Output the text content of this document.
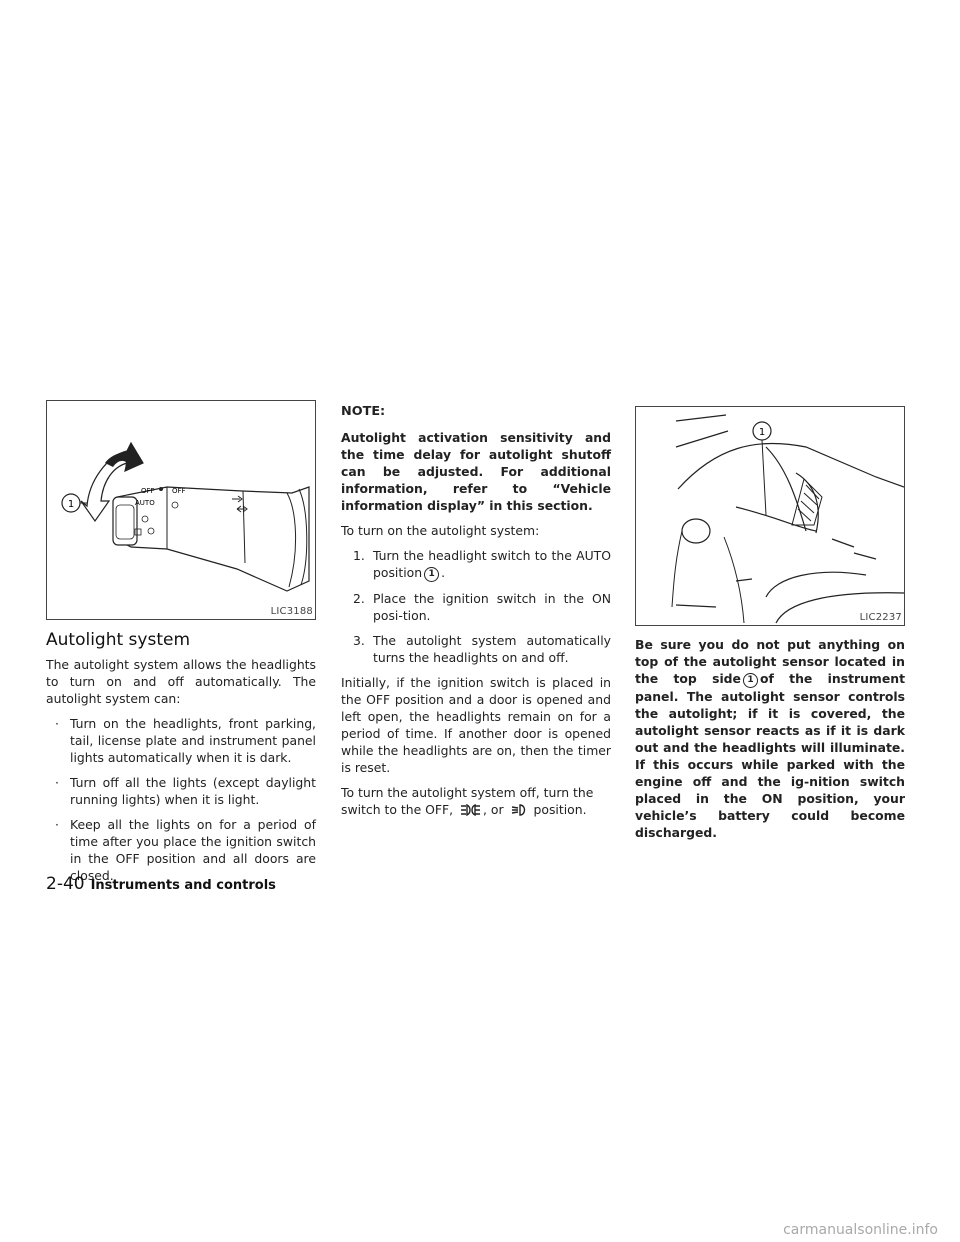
1
OFF OFF
AUTO
LIC3188
Autolight system

The autolight system allows the headlights to turn on and off automatically. The autolight system can:

· Turn on the headlights, front parking, tail, license plate and instrument panel lights automatically when it is dark.
· Turn off all the lights (except daylight running lights) when it is light.
· Keep all the lights on for a period of time after you place the ignition switch in the OFF position and all doors are closed.
NOTE:

Autolight activation sensitivity and the time delay for autolight shutoff can be adjusted. For additional information, refer to “Vehicle information display” in this section.

To turn on the autolight system:

1. Turn the headlight switch to the AUTO position 1 .
2. Place the ignition switch in the ON posi-tion.
3. The autolight system automatically turns the headlights on and off.

Initially, if the ignition switch is placed in the OFF position and a door is opened and left open, the headlights remain on for a period of time. If another door is opened while the headlights are on, then the timer is reset.

To turn the autolight system off, turn the switch to the OFF, , or position.

1
LIC2237

Be sure you do not put anything on top of the autolight sensor located in the top side 1 of the instrument panel. The autolight sensor controls the autolight; if it is covered, the autolight sensor reacts as if it is dark out and the headlights will illuminate. If this occurs while parked with the engine off and the ig-nition switch placed in the ON position, your vehicle’s battery could become discharged.

2-40 Instruments and controls
carmanualsonline.info
